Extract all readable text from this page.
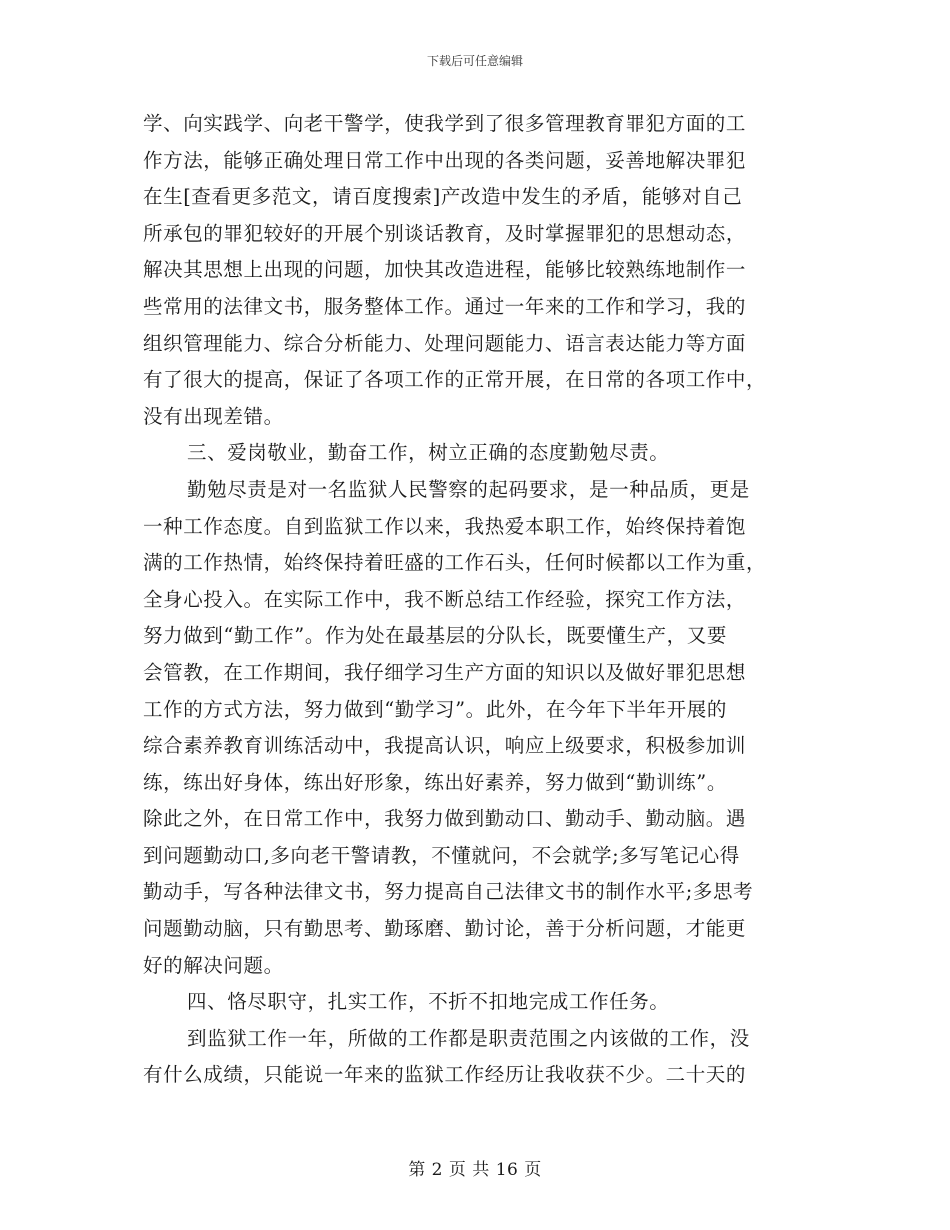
下载后可任意编辑
学、向实践学、向老干警学，使我学到了很多管理教育罪犯方面的工
作方法，能够正确处理日常工作中出现的各类问题，妥善地解决罪犯
在生[查看更多范文，请百度搜索]产改造中发生的矛盾，能够对自己
所承包的罪犯较好的开展个别谈话教育，及时掌握罪犯的思想动态，
解决其思想上出现的问题，加快其改造进程，能够比较熟练地制作一
些常用的法律文书，服务整体工作。通过一年来的工作和学习，我的
组织管理能力、综合分析能力、处理问题能力、语言表达能力等方面
有了很大的提高，保证了各项工作的正常开展，在日常的各项工作中，
没有出现差错。
三、爱岗敬业，勤奋工作，树立正确的态度勤勉尽责。
勤勉尽责是对一名监狱人民警察的起码要求，是一种品质，更是
一种工作态度。自到监狱工作以来，我热爱本职工作，始终保持着饱
满的工作热情，始终保持着旺盛的工作石头，任何时候都以工作为重，
全身心投入。在实际工作中，我不断总结工作经验，探究工作方法，
努力做到“勤工作”。作为处在最基层的分队长，既要懂生产，又要
会管教，在工作期间，我仔细学习生产方面的知识以及做好罪犯思想
工作的方式方法，努力做到“勤学习”。此外，在今年下半年开展的
综合素养教育训练活动中，我提高认识，响应上级要求，积极参加训
练，练出好身体，练出好形象，练出好素养，努力做到“勤训练”。
除此之外，在日常工作中，我努力做到勤动口、勤动手、勤动脑。遇
到问题勤动口,多向老干警请教，不懂就问，不会就学;多写笔记心得
勤动手，写各种法律文书，努力提高自己法律文书的制作水平;多思考
问题勤动脑，只有勤思考、勤琢磨、勤讨论，善于分析问题，才能更
好的解决问题。
四、恪尽职守，扎实工作，不折不扣地完成工作任务。
到监狱工作一年，所做的工作都是职责范围之内该做的工作，没
有什么成绩，只能说一年来的监狱工作经历让我收获不少。二十天的
第 2 页 共 16 页
